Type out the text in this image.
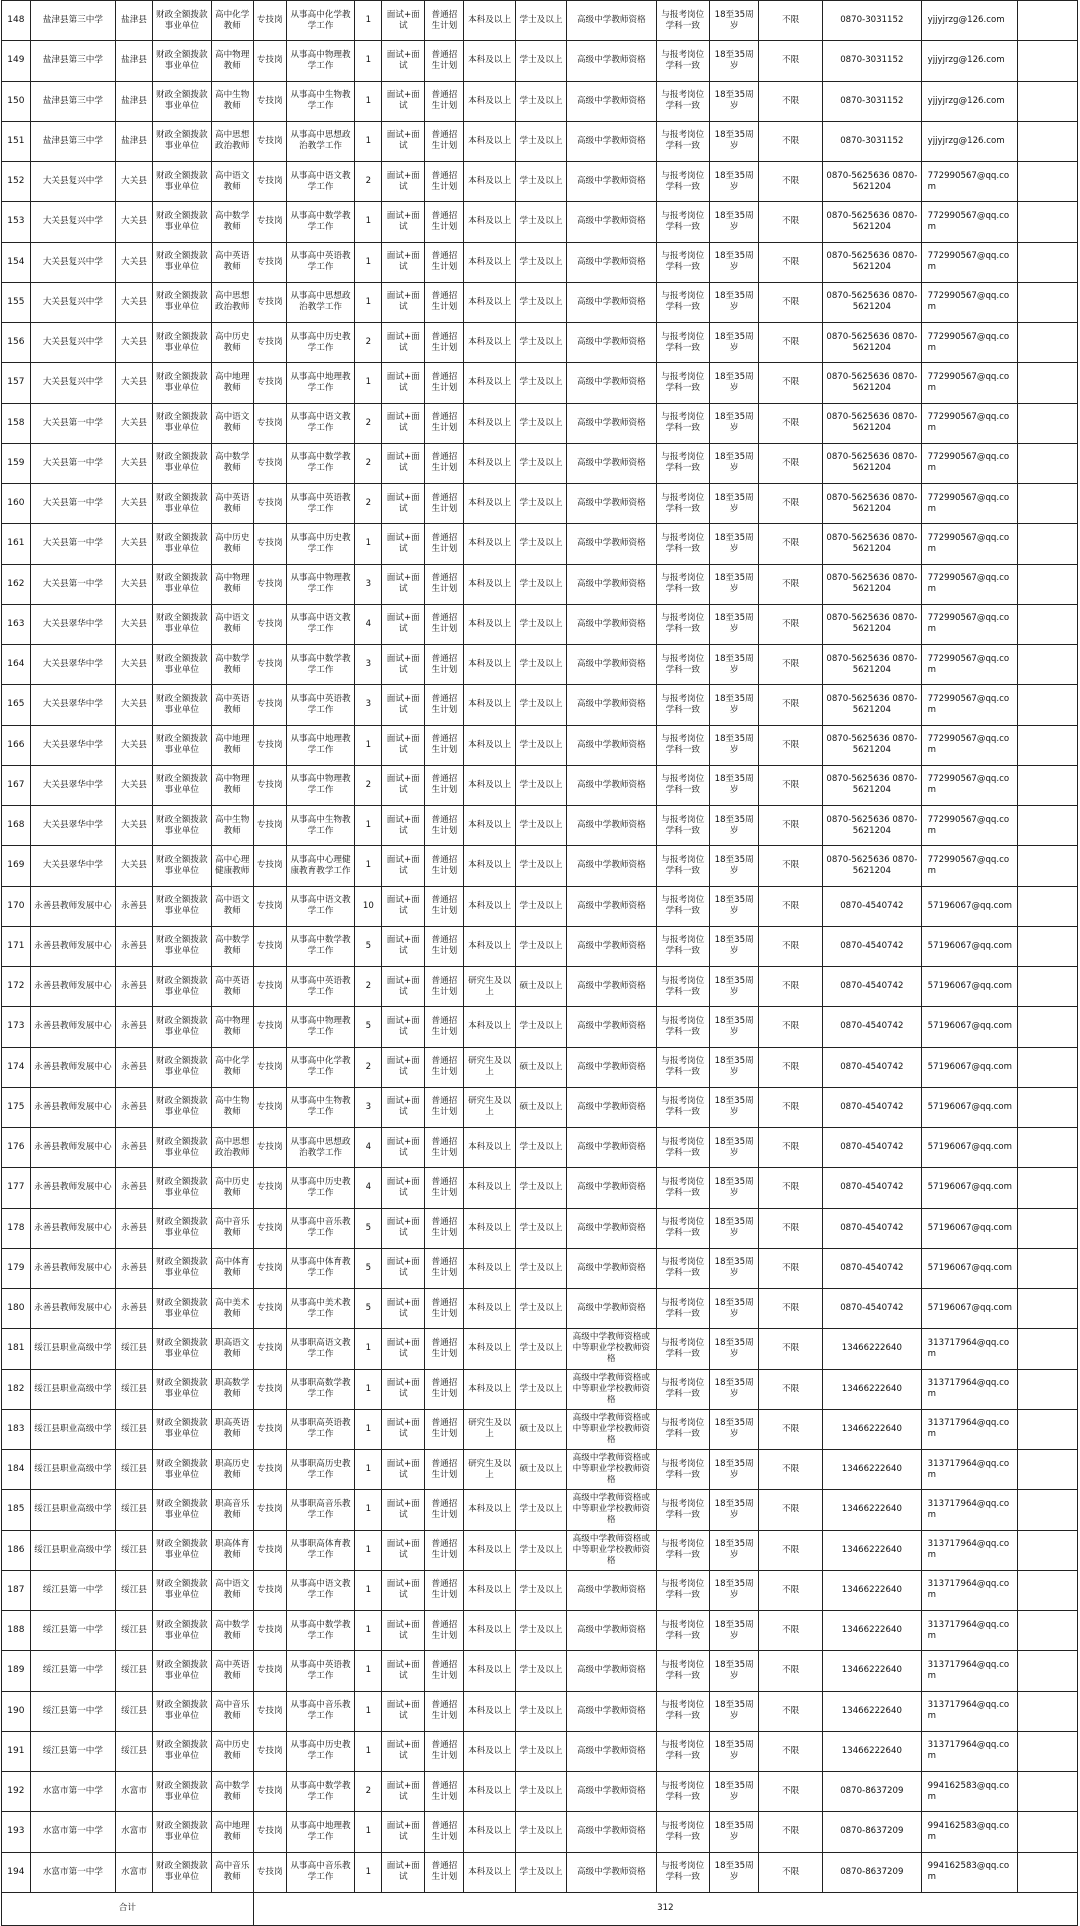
148	盐津县第三中学	盐津县	财政全额拨款事业单位	高中化学教师	专技岗	从事高中化学教学工作	1	面试+面试	普通招生计划	本科及以上	学士及以上	高级中学教师资格	与报考岗位学科一致	18至35周岁	不限	0870-3031152	yjjyjrzg@126.com	
149	盐津县第三中学	盐津县	财政全额拨款事业单位	高中物理教师	专技岗	从事高中物理教学工作	1	面试+面试	普通招生计划	本科及以上	学士及以上	高级中学教师资格	与报考岗位学科一致	18至35周岁	不限	0870-3031152	yjjyjrzg@126.com	
150	盐津县第三中学	盐津县	财政全额拨款事业单位	高中生物教师	专技岗	从事高中生物教学工作	1	面试+面试	普通招生计划	本科及以上	学士及以上	高级中学教师资格	与报考岗位学科一致	18至35周岁	不限	0870-3031152	yjjyjrzg@126.com	
151	盐津县第三中学	盐津县	财政全额拨款事业单位	高中思想政治教师	专技岗	从事高中思想政治教学工作	1	面试+面试	普通招生计划	本科及以上	学士及以上	高级中学教师资格	与报考岗位学科一致	18至35周岁	不限	0870-3031152	yjjyjrzg@126.com	
152	大关县复兴中学	大关县	财政全额拨款事业单位	高中语文教师	专技岗	从事高中语文教学工作	2	面试+面试	普通招生计划	本科及以上	学士及以上	高级中学教师资格	与报考岗位学科一致	18至35周岁	不限	0870-5625636 0870-5621204	772990567@qq.com	
153	大关县复兴中学	大关县	财政全额拨款事业单位	高中数学教师	专技岗	从事高中数学教学工作	1	面试+面试	普通招生计划	本科及以上	学士及以上	高级中学教师资格	与报考岗位学科一致	18至35周岁	不限	0870-5625636 0870-5621204	772990567@qq.com	
154	大关县复兴中学	大关县	财政全额拨款事业单位	高中英语教师	专技岗	从事高中英语教学工作	1	面试+面试	普通招生计划	本科及以上	学士及以上	高级中学教师资格	与报考岗位学科一致	18至35周岁	不限	0870-5625636 0870-5621204	772990567@qq.com	
155	大关县复兴中学	大关县	财政全额拨款事业单位	高中思想政治教师	专技岗	从事高中思想政治教学工作	1	面试+面试	普通招生计划	本科及以上	学士及以上	高级中学教师资格	与报考岗位学科一致	18至35周岁	不限	0870-5625636 0870-5621204	772990567@qq.com	
156	大关县复兴中学	大关县	财政全额拨款事业单位	高中历史教师	专技岗	从事高中历史教学工作	2	面试+面试	普通招生计划	本科及以上	学士及以上	高级中学教师资格	与报考岗位学科一致	18至35周岁	不限	0870-5625636 0870-5621204	772990567@qq.com	
157	大关县复兴中学	大关县	财政全额拨款事业单位	高中地理教师	专技岗	从事高中地理教学工作	1	面试+面试	普通招生计划	本科及以上	学士及以上	高级中学教师资格	与报考岗位学科一致	18至35周岁	不限	0870-5625636 0870-5621204	772990567@qq.com	
158	大关县第一中学	大关县	财政全额拨款事业单位	高中语文教师	专技岗	从事高中语文教学工作	2	面试+面试	普通招生计划	本科及以上	学士及以上	高级中学教师资格	与报考岗位学科一致	18至35周岁	不限	0870-5625636 0870-5621204	772990567@qq.com	
159	大关县第一中学	大关县	财政全额拨款事业单位	高中数学教师	专技岗	从事高中数学教学工作	2	面试+面试	普通招生计划	本科及以上	学士及以上	高级中学教师资格	与报考岗位学科一致	18至35周岁	不限	0870-5625636 0870-5621204	772990567@qq.com	
160	大关县第一中学	大关县	财政全额拨款事业单位	高中英语教师	专技岗	从事高中英语教学工作	2	面试+面试	普通招生计划	本科及以上	学士及以上	高级中学教师资格	与报考岗位学科一致	18至35周岁	不限	0870-5625636 0870-5621204	772990567@qq.com	
161	大关县第一中学	大关县	财政全额拨款事业单位	高中历史教师	专技岗	从事高中历史教学工作	1	面试+面试	普通招生计划	本科及以上	学士及以上	高级中学教师资格	与报考岗位学科一致	18至35周岁	不限	0870-5625636 0870-5621204	772990567@qq.com	
162	大关县第一中学	大关县	财政全额拨款事业单位	高中物理教师	专技岗	从事高中物理教学工作	3	面试+面试	普通招生计划	本科及以上	学士及以上	高级中学教师资格	与报考岗位学科一致	18至35周岁	不限	0870-5625636 0870-5621204	772990567@qq.com	
163	大关县翠华中学	大关县	财政全额拨款事业单位	高中语文教师	专技岗	从事高中语文教学工作	4	面试+面试	普通招生计划	本科及以上	学士及以上	高级中学教师资格	与报考岗位学科一致	18至35周岁	不限	0870-5625636 0870-5621204	772990567@qq.com	
164	大关县翠华中学	大关县	财政全额拨款事业单位	高中数学教师	专技岗	从事高中数学教学工作	3	面试+面试	普通招生计划	本科及以上	学士及以上	高级中学教师资格	与报考岗位学科一致	18至35周岁	不限	0870-5625636 0870-5621204	772990567@qq.com	
165	大关县翠华中学	大关县	财政全额拨款事业单位	高中英语教师	专技岗	从事高中英语教学工作	3	面试+面试	普通招生计划	本科及以上	学士及以上	高级中学教师资格	与报考岗位学科一致	18至35周岁	不限	0870-5625636 0870-5621204	772990567@qq.com	
166	大关县翠华中学	大关县	财政全额拨款事业单位	高中地理教师	专技岗	从事高中地理教学工作	1	面试+面试	普通招生计划	本科及以上	学士及以上	高级中学教师资格	与报考岗位学科一致	18至35周岁	不限	0870-5625636 0870-5621204	772990567@qq.com	
167	大关县翠华中学	大关县	财政全额拨款事业单位	高中物理教师	专技岗	从事高中物理教学工作	2	面试+面试	普通招生计划	本科及以上	学士及以上	高级中学教师资格	与报考岗位学科一致	18至35周岁	不限	0870-5625636 0870-5621204	772990567@qq.com	
168	大关县翠华中学	大关县	财政全额拨款事业单位	高中生物教师	专技岗	从事高中生物教学工作	1	面试+面试	普通招生计划	本科及以上	学士及以上	高级中学教师资格	与报考岗位学科一致	18至35周岁	不限	0870-5625636 0870-5621204	772990567@qq.com	
169	大关县翠华中学	大关县	财政全额拨款事业单位	高中心理健康教师	专技岗	从事高中心理健康教育教学工作	1	面试+面试	普通招生计划	本科及以上	学士及以上	高级中学教师资格	与报考岗位学科一致	18至35周岁	不限	0870-5625636 0870-5621204	772990567@qq.com	
170	永善县教师发展中心	永善县	财政全额拨款事业单位	高中语文教师	专技岗	从事高中语文教学工作	10	面试+面试	普通招生计划	本科及以上	学士及以上	高级中学教师资格	与报考岗位学科一致	18至35周岁	不限	0870-4540742	57196067@qq.com	
171	永善县教师发展中心	永善县	财政全额拨款事业单位	高中数学教师	专技岗	从事高中数学教学工作	5	面试+面试	普通招生计划	本科及以上	学士及以上	高级中学教师资格	与报考岗位学科一致	18至35周岁	不限	0870-4540742	57196067@qq.com	
172	永善县教师发展中心	永善县	财政全额拨款事业单位	高中英语教师	专技岗	从事高中英语教学工作	2	面试+面试	普通招生计划	研究生及以上	硕士及以上	高级中学教师资格	与报考岗位学科一致	18至35周岁	不限	0870-4540742	57196067@qq.com	
173	永善县教师发展中心	永善县	财政全额拨款事业单位	高中物理教师	专技岗	从事高中物理教学工作	5	面试+面试	普通招生计划	本科及以上	学士及以上	高级中学教师资格	与报考岗位学科一致	18至35周岁	不限	0870-4540742	57196067@qq.com	
174	永善县教师发展中心	永善县	财政全额拨款事业单位	高中化学教师	专技岗	从事高中化学教学工作	2	面试+面试	普通招生计划	研究生及以上	硕士及以上	高级中学教师资格	与报考岗位学科一致	18至35周岁	不限	0870-4540742	57196067@qq.com	
175	永善县教师发展中心	永善县	财政全额拨款事业单位	高中生物教师	专技岗	从事高中生物教学工作	3	面试+面试	普通招生计划	研究生及以上	硕士及以上	高级中学教师资格	与报考岗位学科一致	18至35周岁	不限	0870-4540742	57196067@qq.com	
176	永善县教师发展中心	永善县	财政全额拨款事业单位	高中思想政治教师	专技岗	从事高中思想政治教学工作	4	面试+面试	普通招生计划	本科及以上	学士及以上	高级中学教师资格	与报考岗位学科一致	18至35周岁	不限	0870-4540742	57196067@qq.com	
177	永善县教师发展中心	永善县	财政全额拨款事业单位	高中历史教师	专技岗	从事高中历史教学工作	4	面试+面试	普通招生计划	本科及以上	学士及以上	高级中学教师资格	与报考岗位学科一致	18至35周岁	不限	0870-4540742	57196067@qq.com	
178	永善县教师发展中心	永善县	财政全额拨款事业单位	高中音乐教师	专技岗	从事高中音乐教学工作	5	面试+面试	普通招生计划	本科及以上	学士及以上	高级中学教师资格	与报考岗位学科一致	18至35周岁	不限	0870-4540742	57196067@qq.com	
179	永善县教师发展中心	永善县	财政全额拨款事业单位	高中体育教师	专技岗	从事高中体育教学工作	5	面试+面试	普通招生计划	本科及以上	学士及以上	高级中学教师资格	与报考岗位学科一致	18至35周岁	不限	0870-4540742	57196067@qq.com	
180	永善县教师发展中心	永善县	财政全额拨款事业单位	高中美术教师	专技岗	从事高中美术教学工作	5	面试+面试	普通招生计划	本科及以上	学士及以上	高级中学教师资格	与报考岗位学科一致	18至35周岁	不限	0870-4540742	57196067@qq.com	
181	绥江县职业高级中学	绥江县	财政全额拨款事业单位	职高语文教师	专技岗	从事职高语文教学工作	1	面试+面试	普通招生计划	本科及以上	学士及以上	高级中学教师资格或中等职业学校教师资格	与报考岗位学科一致	18至35周岁	不限	13466222640	313717964@qq.com	
182	绥江县职业高级中学	绥江县	财政全额拨款事业单位	职高数学教师	专技岗	从事职高数学教学工作	1	面试+面试	普通招生计划	本科及以上	学士及以上	高级中学教师资格或中等职业学校教师资格	与报考岗位学科一致	18至35周岁	不限	13466222640	313717964@qq.com	
183	绥江县职业高级中学	绥江县	财政全额拨款事业单位	职高英语教师	专技岗	从事职高英语教学工作	1	面试+面试	普通招生计划	研究生及以上	硕士及以上	高级中学教师资格或中等职业学校教师资格	与报考岗位学科一致	18至35周岁	不限	13466222640	313717964@qq.com	
184	绥江县职业高级中学	绥江县	财政全额拨款事业单位	职高历史教师	专技岗	从事职高历史教学工作	1	面试+面试	普通招生计划	研究生及以上	硕士及以上	高级中学教师资格或中等职业学校教师资格	与报考岗位学科一致	18至35周岁	不限	13466222640	313717964@qq.com	
185	绥江县职业高级中学	绥江县	财政全额拨款事业单位	职高音乐教师	专技岗	从事职高音乐教学工作	1	面试+面试	普通招生计划	本科及以上	学士及以上	高级中学教师资格或中等职业学校教师资格	与报考岗位学科一致	18至35周岁	不限	13466222640	313717964@qq.com	
186	绥江县职业高级中学	绥江县	财政全额拨款事业单位	职高体育教师	专技岗	从事职高体育教学工作	1	面试+面试	普通招生计划	本科及以上	学士及以上	高级中学教师资格或中等职业学校教师资格	与报考岗位学科一致	18至35周岁	不限	13466222640	313717964@qq.com	
187	绥江县第一中学	绥江县	财政全额拨款事业单位	高中语文教师	专技岗	从事高中语文教学工作	1	面试+面试	普通招生计划	本科及以上	学士及以上	高级中学教师资格	与报考岗位学科一致	18至35周岁	不限	13466222640	313717964@qq.com	
188	绥江县第一中学	绥江县	财政全额拨款事业单位	高中数学教师	专技岗	从事高中数学教学工作	1	面试+面试	普通招生计划	本科及以上	学士及以上	高级中学教师资格	与报考岗位学科一致	18至35周岁	不限	13466222640	313717964@qq.com	
189	绥江县第一中学	绥江县	财政全额拨款事业单位	高中英语教师	专技岗	从事高中英语教学工作	1	面试+面试	普通招生计划	本科及以上	学士及以上	高级中学教师资格	与报考岗位学科一致	18至35周岁	不限	13466222640	313717964@qq.com	
190	绥江县第一中学	绥江县	财政全额拨款事业单位	高中音乐教师	专技岗	从事高中音乐教学工作	1	面试+面试	普通招生计划	本科及以上	学士及以上	高级中学教师资格	与报考岗位学科一致	18至35周岁	不限	13466222640	313717964@qq.com	
191	绥江县第一中学	绥江县	财政全额拨款事业单位	高中历史教师	专技岗	从事高中历史教学工作	1	面试+面试	普通招生计划	本科及以上	学士及以上	高级中学教师资格	与报考岗位学科一致	18至35周岁	不限	13466222640	313717964@qq.com	
192	水富市第一中学	水富市	财政全额拨款事业单位	高中数学教师	专技岗	从事高中数学教学工作	2	面试+面试	普通招生计划	本科及以上	学士及以上	高级中学教师资格	与报考岗位学科一致	18至35周岁	不限	0870-8637209	994162583@qq.com	
193	水富市第一中学	水富市	财政全额拨款事业单位	高中地理教师	专技岗	从事高中地理教学工作	1	面试+面试	普通招生计划	本科及以上	学士及以上	高级中学教师资格	与报考岗位学科一致	18至35周岁	不限	0870-8637209	994162583@qq.com	
194	水富市第一中学	水富市	财政全额拨款事业单位	高中音乐教师	专技岗	从事高中音乐教学工作	1	面试+面试	普通招生计划	本科及以上	学士及以上	高级中学教师资格	与报考岗位学科一致	18至35周岁	不限	0870-8637209	994162583@qq.com	
合计					312													
